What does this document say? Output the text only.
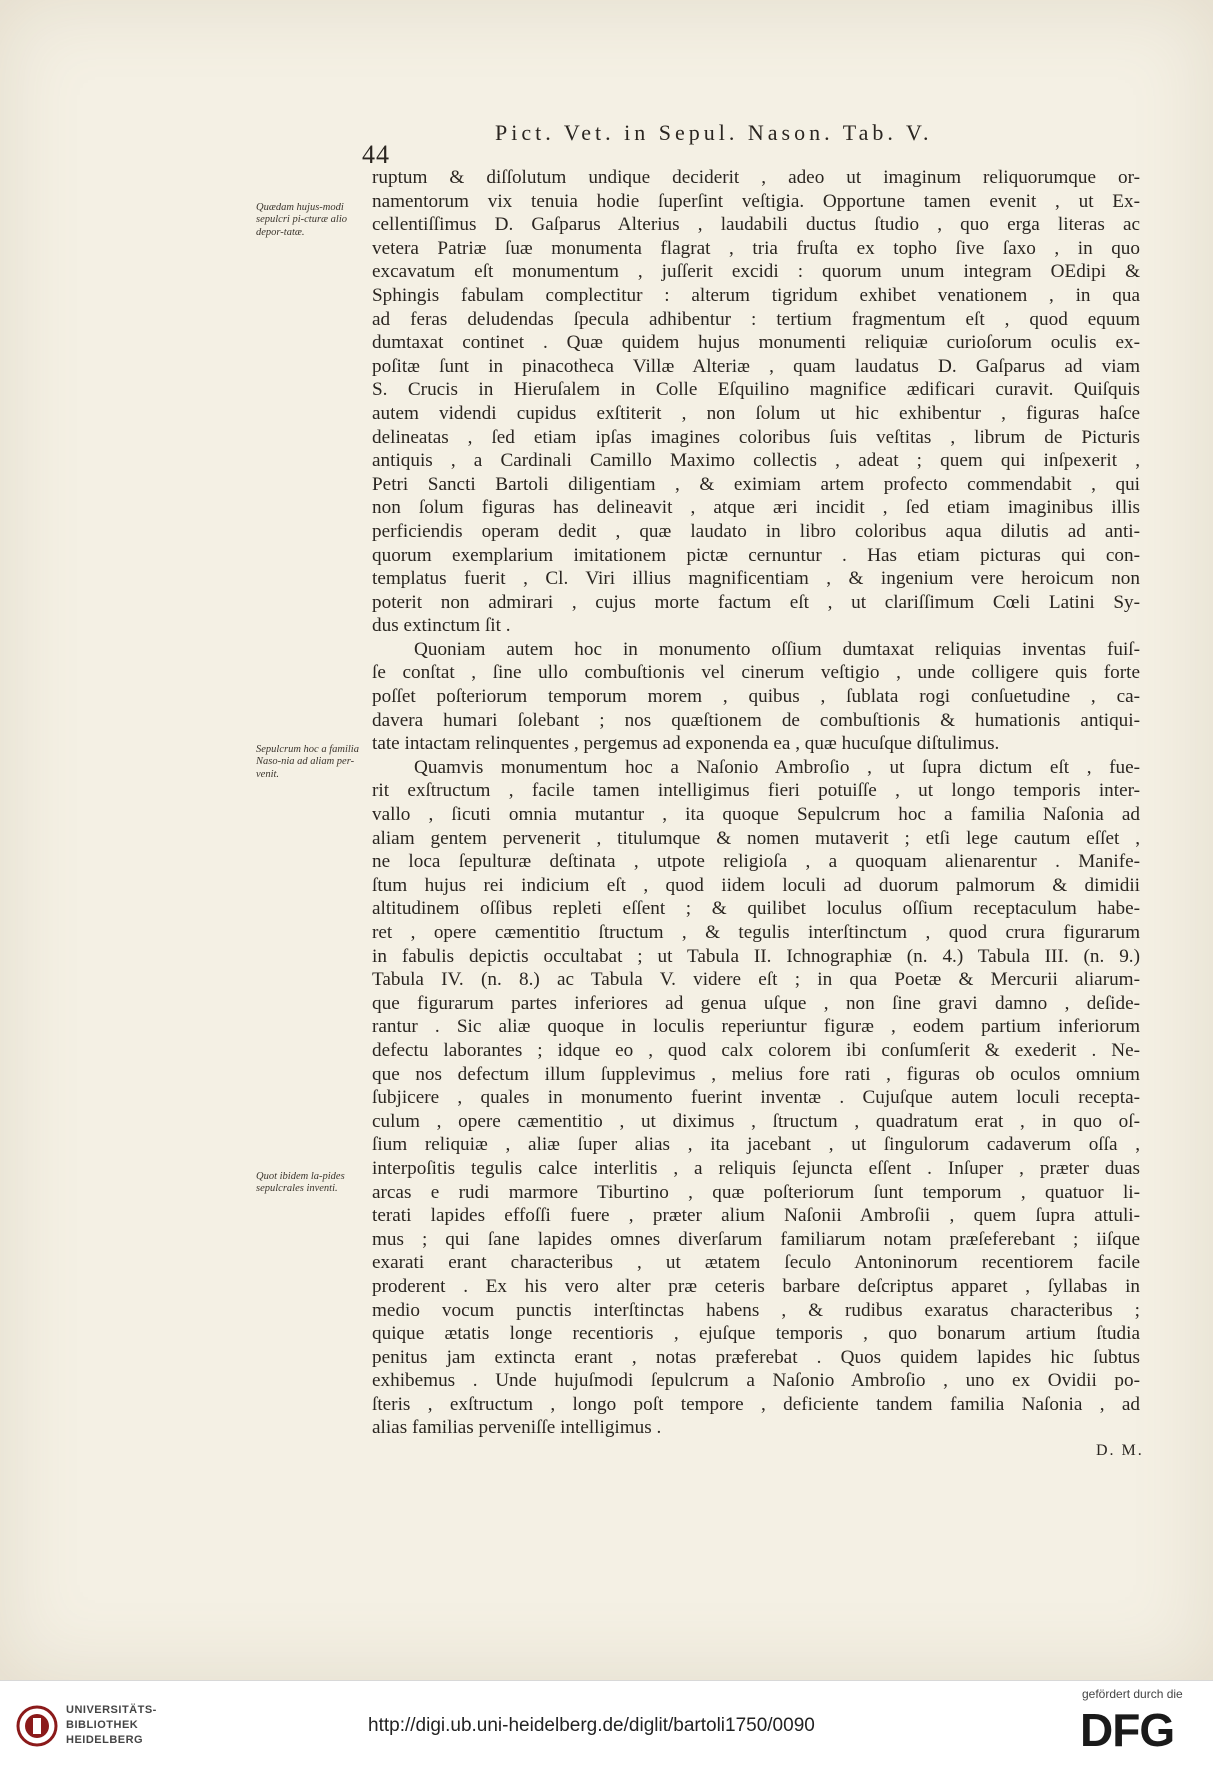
44
Pict. Vet. in Sepul. Nason. Tab. V.
Quædam hujus-modi sepulcri pi-cturæ alio depor-tatæ.
Sepulcrum hoc a familia Naso-nia ad aliam per-venit.
Quot ibidem la-pides sepulcrales inventi.

ruptum & diſſolutum undique deciderit , adeo ut imaginum reliquorumque or-
namentorum vix tenuia hodie ſuperſint veſtigia. Opportune tamen evenit , ut Ex-
cellentiſſimus D. Gaſparus Alterius , laudabili ductus ſtudio , quo erga literas ac
vetera Patriæ ſuæ monumenta flagrat , tria fruſta ex topho ſive ſaxo , in quo
excavatum eſt monumentum , juſſerit excidi : quorum unum integram OEdipi &
Sphingis fabulam complectitur : alterum tigridum exhibet venationem , in qua
ad feras deludendas ſpecula adhibentur : tertium fragmentum eſt , quod equum
dumtaxat continet . Quæ quidem hujus monumenti reliquiæ curioſorum oculis ex-
poſitæ ſunt in pinacotheca Villæ Alteriæ , quam laudatus D. Gaſparus ad viam
S. Crucis in Hieruſalem in Colle Eſquilino magnifice ædificari curavit. Quiſquis
autem videndi cupidus exſtiterit , non ſolum ut hic exhibentur , figuras haſce
delineatas , ſed etiam ipſas imagines coloribus ſuis veſtitas , librum de Picturis
antiquis , a Cardinali Camillo Maximo collectis , adeat ; quem qui inſpexerit ,
Petri Sancti Bartoli diligentiam , & eximiam artem profecto commendabit , qui
non ſolum figuras has delineavit , atque æri incidit , ſed etiam imaginibus illis
perficiendis operam dedit , quæ laudato in libro coloribus aqua dilutis ad anti-
quorum exemplarium imitationem pictæ cernuntur . Has etiam picturas qui con-
templatus fuerit , Cl. Viri illius magnificentiam , & ingenium vere heroicum non
poterit non admirari , cujus morte factum eſt , ut clariſſimum Cœli Latini Sy-
dus extinctum ſit .

Quoniam autem hoc in monumento oſſium dumtaxat reliquias inventas fuiſ-
ſe conſtat , ſine ullo combuſtionis vel cinerum veſtigio , unde colligere quis forte
poſſet poſteriorum temporum morem , quibus , ſublata rogi conſuetudine , ca-
davera humari ſolebant ; nos quæſtionem de combuſtionis & humationis antiqui-
tate intactam relinquentes , pergemus ad exponenda ea , quæ hucuſque diſtulimus.

Quamvis monumentum hoc a Naſonio Ambroſio , ut ſupra dictum eſt , fue-
rit exſtructum , facile tamen intelligimus fieri potuiſſe , ut longo temporis inter-
vallo , ſicuti omnia mutantur , ita quoque Sepulcrum hoc a familia Naſonia ad
aliam gentem pervenerit , titulumque & nomen mutaverit ; etſi lege cautum eſſet ,
ne loca ſepulturæ deſtinata , utpote religioſa , a quoquam alienarentur . Manife-
ſtum hujus rei indicium eſt , quod iidem loculi ad duorum palmorum & dimidii
altitudinem oſſibus repleti eſſent ; & quilibet loculus oſſium receptaculum habe-
ret , opere cæmentitio ſtructum , & tegulis interſtinctum , quod crura figurarum
in fabulis depictis occultabat ; ut Tabula II. Ichnographiæ (n. 4.) Tabula III. (n. 9.)
Tabula IV. (n. 8.) ac Tabula V. videre eſt ; in qua Poetæ & Mercurii aliarum-
que figurarum partes inferiores ad genua uſque , non ſine gravi damno , deſide-
rantur . Sic aliæ quoque in loculis reperiuntur figuræ , eodem partium inferiorum
defectu laborantes ; idque eo , quod calx colorem ibi conſumſerit & exederit . Ne-
que nos defectum illum ſupplevimus , melius fore rati , figuras ob oculos omnium
ſubjicere , quales in monumento fuerint inventæ . Cujuſque autem loculi recepta-
culum , opere cæmentitio , ut diximus , ſtructum , quadratum erat , in quo oſ-
ſium reliquiæ , aliæ ſuper alias , ita jacebant , ut ſingulorum cadaverum oſſa ,
interpoſitis tegulis calce interlitis , a reliquis ſejuncta eſſent . Inſuper , præter duas
arcas e rudi marmore Tiburtino , quæ poſteriorum ſunt temporum , quatuor li-
terati lapides effoſſi fuere , præter alium Naſonii Ambroſii , quem ſupra attuli-
mus ; qui ſane lapides omnes diverſarum familiarum notam præſeferebant ; iiſque
exarati erant characteribus , ut ætatem ſeculo Antoninorum recentiorem facile
proderent . Ex his vero alter præ ceteris barbare deſcriptus apparet , ſyllabas in
medio vocum punctis interſtinctas habens , & rudibus exaratus characteribus ;
quique ætatis longe recentioris , ejuſque temporis , quo bonarum artium ſtudia
penitus jam extincta erant , notas præferebat . Quos quidem lapides hic ſubtus
exhibemus . Unde hujuſmodi ſepulcrum a Naſonio Ambroſio , uno ex Ovidii po-
ſteris , exſtructum , longo poſt tempore , deficiente tandem familia Naſonia , ad
alias familias perveniſſe intelligimus .

D. M.
UNIVERSITÄTS-
BIBLIOTHEK
HEIDELBERG
http://digi.ub.uni-heidelberg.de/diglit/bartoli1750/0090
gefördert durch die
DFG
